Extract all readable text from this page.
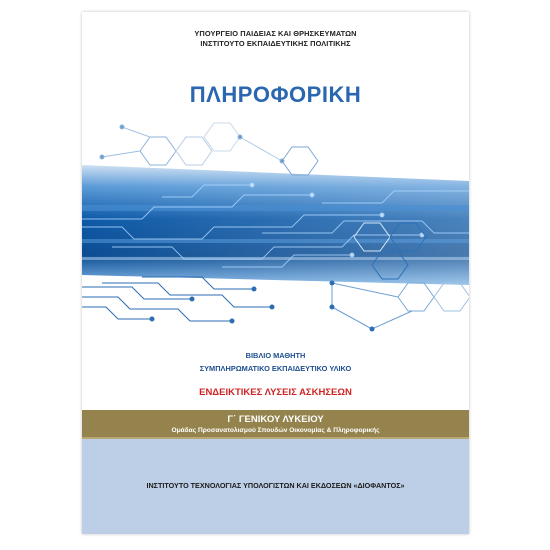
ΥΠΟΥΡΓΕΙΟ ΠΑΙΔΕΙΑΣ ΚΑΙ ΘΡΗΣΚΕΥΜΑΤΩΝ
ΙΝΣΤΙΤΟΥΤΟ ΕΚΠΑΙΔΕΥΤΙΚΗΣ ΠΟΛΙΤΙΚΗΣ
ΠΛΗΡΟΦΟΡΙΚΗ
ΒΙΒΛΙΟ ΜΑΘΗΤΗ
ΣΥΜΠΛΗΡΩΜΑΤΙΚΟ ΕΚΠΑΙΔΕΥΤΙΚΟ ΥΛΙΚΟ
ΕΝΔΕΙΚΤΙΚΕΣ ΛΥΣΕΙΣ ΑΣΚΗΣΕΩΝ
Γ΄ ΓΕΝΙΚΟΥ ΛΥΚΕΙΟΥ
Ομάδας Προσανατολισμού Σπουδών Οικονομίας & Πληροφορικής
ΙΝΣΤΙΤΟΥΤΟ ΤΕΧΝΟΛΟΓΙΑΣ ΥΠΟΛΟΓΙΣΤΩΝ ΚΑΙ ΕΚΔΟΣΕΩΝ «ΔΙΟΦΑΝΤΟΣ»
